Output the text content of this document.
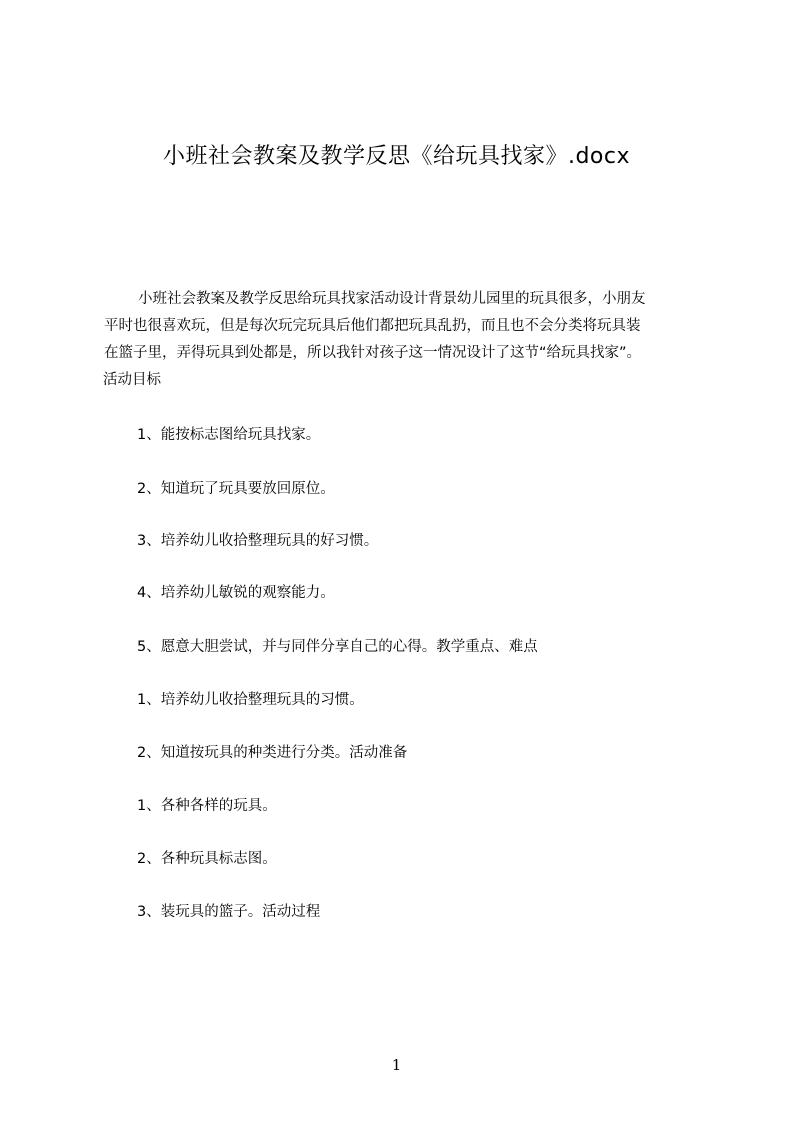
小班社会教案及教学反思《给玩具找家》.docx
小班社会教案及教学反思给玩具找家活动设计背景幼儿园里的玩具很多，小朋友
平时也很喜欢玩，但是每次玩完玩具后他们都把玩具乱扔，而且也不会分类将玩具装
在篮子里，弄得玩具到处都是，所以我针对孩子这一情况设计了这节“给玩具找家”。
活动目标
1、能按标志图给玩具找家。
2、知道玩了玩具要放回原位。
3、培养幼儿收拾整理玩具的好习惯。
4、培养幼儿敏锐的观察能力。
5、愿意大胆尝试，并与同伴分享自己的心得。教学重点、难点
1、培养幼儿收拾整理玩具的习惯。
2、知道按玩具的种类进行分类。活动准备
1、各种各样的玩具。
2、各种玩具标志图。
3、装玩具的篮子。活动过程
1
